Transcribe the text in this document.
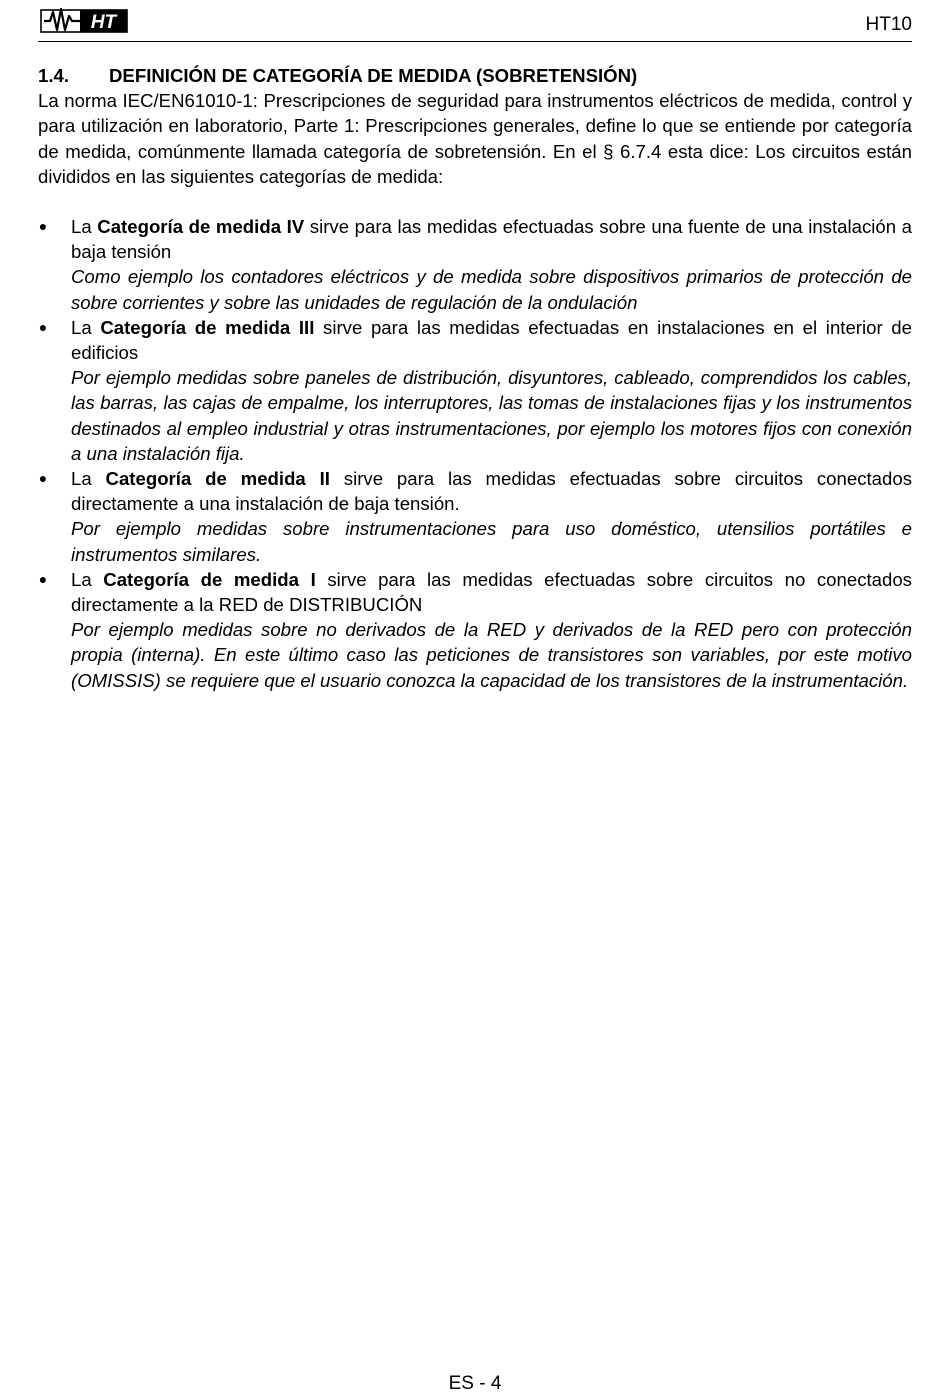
HT	HT10

1.4. DEFINICIÓN DE CATEGORÍA DE MEDIDA (SOBRETENSIÓN)

La norma IEC/EN61010-1: Prescripciones de seguridad para instrumentos eléctricos de medida, control y para utilización en laboratorio, Parte 1: Prescripciones generales, define lo que se entiende por categoría de medida, comúnmente llamada categoría de sobretensión. En el § 6.7.4 esta dice: Los circuitos están divididos en las siguientes categorías de medida:

● La Categoría de medida IV sirve para las medidas efectuadas sobre una fuente de una instalación a baja tensión
Como ejemplo los contadores eléctricos y de medida sobre dispositivos primarios de protección de sobre corrientes y sobre las unidades de regulación de la ondulación
● La Categoría de medida III sirve para las medidas efectuadas en instalaciones en el interior de edificios
Por ejemplo medidas sobre paneles de distribución, disyuntores, cableado, comprendidos los cables, las barras, las cajas de empalme, los interruptores, las tomas de instalaciones fijas y los instrumentos destinados al empleo industrial y otras instrumentaciones, por ejemplo los motores fijos con conexión a una instalación fija.
● La Categoría de medida II sirve para las medidas efectuadas sobre circuitos conectados directamente a una instalación de baja tensión.
Por ejemplo medidas sobre instrumentaciones para uso doméstico, utensilios portátiles e instrumentos similares.
● La Categoría de medida I sirve para las medidas efectuadas sobre circuitos no conectados directamente a la RED de DISTRIBUCIÓN
Por ejemplo medidas sobre no derivados de la RED y derivados de la RED pero con protección propia (interna). En este último caso las peticiones de transistores son variables, por este motivo (OMISSIS) se requiere que el usuario conozca la capacidad de los transistores de la instrumentación.
ES - 4
